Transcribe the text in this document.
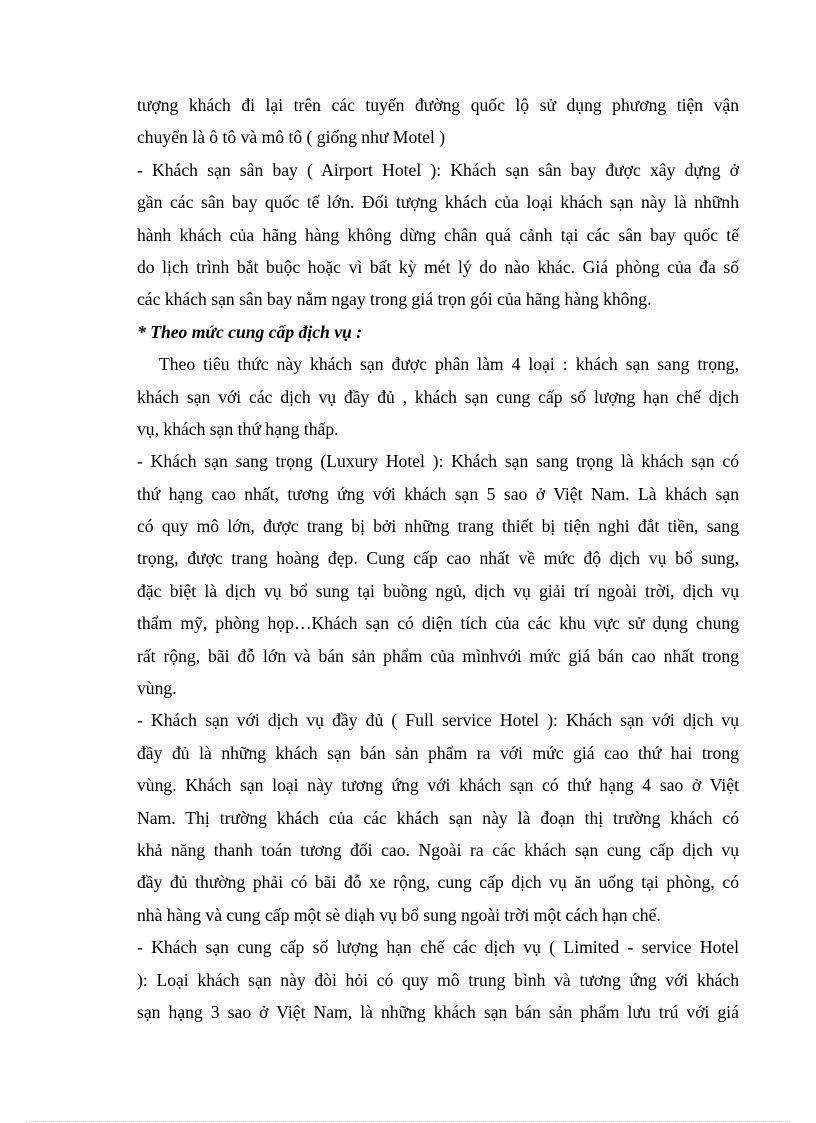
tượng khách đi lại trên các tuyến đường quốc lộ sử dụng phương tiện vận
chuyển là ô tô và mô tô ( giống như Motel )
- Khách sạn sân bay ( Airport Hotel ): Khách sạn sân bay được xây dựng ở
gần các sân bay quốc tế lớn. Đối tượng khách của loại khách sạn này là nhữnh
hành khách của hãng hàng không dừng chân quá cảnh tại các sân bay quốc tế
do lịch trình bắt buộc hoặc vì bất kỳ mét lý do nào khác. Giá phòng của đa số
các khách sạn sân bay nằm ngay trong giá trọn gói của hãng hàng không.
* Theo mức cung cấp địch vụ :
Theo tiêu thức này khách sạn được phân làm 4 loại : khách sạn sang trọng,
khách sạn với các dịch vụ đầy đủ , khách sạn cung cấp số lượng hạn chế dịch
vụ, khách sạn thứ hạng thấp.
- Khách sạn sang trọng (Luxury Hotel ): Khách sạn sang trọng là khách sạn có
thứ hạng cao nhất, tương ứng với khách sạn 5 sao ở Việt Nam. Là khách sạn
có quy mô lớn, được trang bị bởi những trang thiết bị tiện nghi đắt tiền, sang
trọng, được trang hoàng đẹp. Cung cấp cao nhất về mức độ dịch vụ bổ sung,
đặc biệt là dịch vụ bổ sung tại buồng ngủ, dịch vụ giải trí ngoài trời, dịch vụ
thẩm mỹ, phòng họp…Khách sạn có diện tích của các khu vực sử dụng chung
rất rộng, bãi đỗ lớn và bán sản phẩm của mìnhvới mức giá bán cao nhất trong
vùng.
- Khách sạn với dịch vụ đầy đủ ( Full service Hotel ): Khách sạn với dịch vụ
đầy đủ là những khách sạn bán sản phẩm ra với mức giá cao thứ hai trong
vùng. Khách sạn loại này tương ứng với khách sạn có thứ hạng 4 sao ở Việt
Nam. Thị trường khách của các khách sạn này là đoạn thị trường khách có
khả năng thanh toán tương đối cao. Ngoài ra các khách sạn cung cấp dịch vụ
đầy đủ thường phải có bãi đỗ xe rộng, cung cấp dịch vụ ăn uống tại phòng, có
nhà hàng và cung cấp một sè diạh vụ bổ sung ngoài trời một cách hạn chế.
- Khách sạn cung cấp số lượng hạn chế các dịch vụ ( Limited - service Hotel
): Loại khách sạn này đòi hỏi có quy mô trung bình và tương ứng với khách
sạn hạng 3 sao ở Việt Nam, là những khách sạn bán sản phẩm lưu trú với giá
